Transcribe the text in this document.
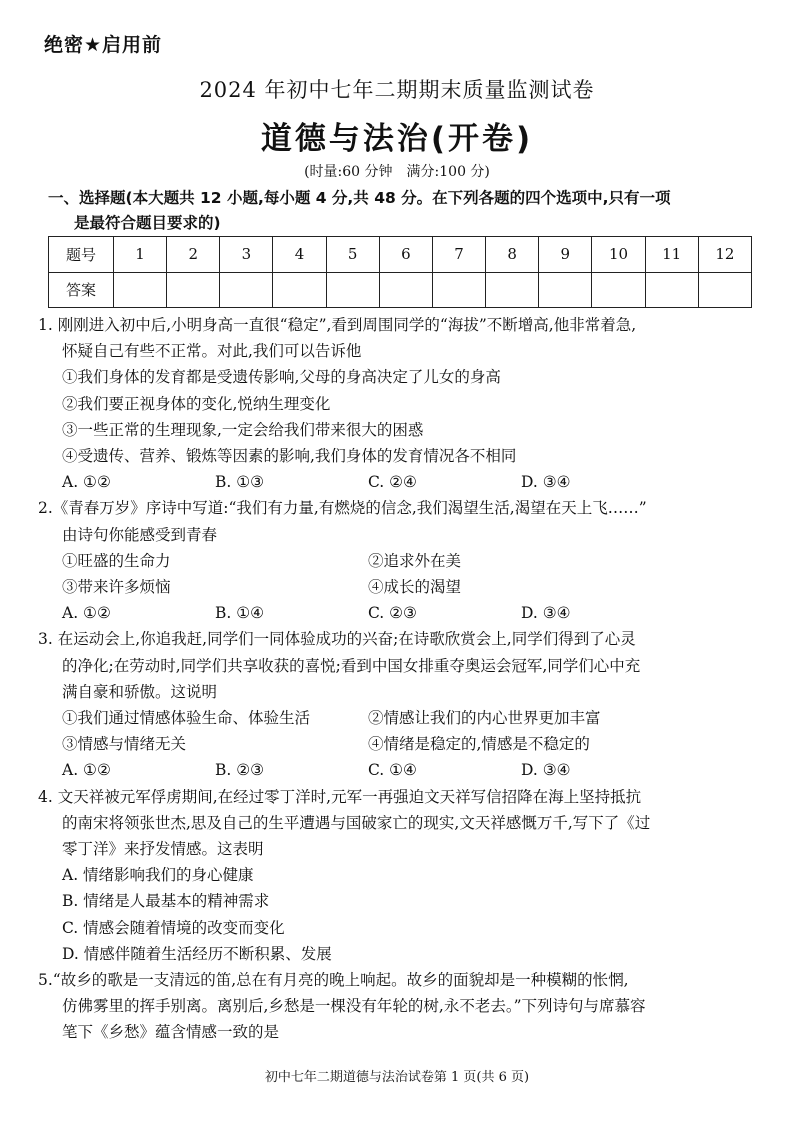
绝密★启用前
2024 年初中七年二期期末质量监测试卷
道德与法治(开卷)
(时量:60 分钟　满分:100 分)
一、选择题(本大题共 12 小题,每小题 4 分,共 48 分。在下列各题的四个选项中,只有一项
是最符合题目要求的)
题号	1	2	3	4	5	6	7	8	9	10	11	12
答案												
1. 刚刚进入初中后,小明身高一直很“稳定”,看到周围同学的“海拔”不断增高,他非常着急,
怀疑自己有些不正常。对此,我们可以告诉他
①我们身体的发育都是受遗传影响,父母的身高决定了儿女的身高
②我们要正视身体的变化,悦纳生理变化
③一些正常的生理现象,一定会给我们带来很大的困惑
④受遗传、营养、锻炼等因素的影响,我们身体的发育情况各不相同
A. ①②	B. ①③	C. ②④	D. ③④
2.《青春万岁》序诗中写道:“我们有力量,有燃烧的信念,我们渴望生活,渴望在天上飞……”
由诗句你能感受到青春
①旺盛的生命力	②追求外在美
③带来许多烦恼	④成长的渴望
A. ①②	B. ①④	C. ②③	D. ③④
3. 在运动会上,你追我赶,同学们一同体验成功的兴奋;在诗歌欣赏会上,同学们得到了心灵
的净化;在劳动时,同学们共享收获的喜悦;看到中国女排重夺奥运会冠军,同学们心中充
满自豪和骄傲。这说明
①我们通过情感体验生命、体验生活	②情感让我们的内心世界更加丰富
③情感与情绪无关	④情绪是稳定的,情感是不稳定的
A. ①②	B. ②③	C. ①④	D. ③④
4. 文天祥被元军俘虏期间,在经过零丁洋时,元军一再强迫文天祥写信招降在海上坚持抵抗
的南宋将领张世杰,思及自己的生平遭遇与国破家亡的现实,文天祥感慨万千,写下了《过
零丁洋》来抒发情感。这表明
A. 情绪影响我们的身心健康
B. 情绪是人最基本的精神需求
C. 情感会随着情境的改变而变化
D. 情感伴随着生活经历不断积累、发展
5.“故乡的歌是一支清远的笛,总在有月亮的晚上响起。故乡的面貌却是一种模糊的怅惘,
仿佛雾里的挥手别离。离别后,乡愁是一棵没有年轮的树,永不老去。”下列诗句与席慕容
笔下《乡愁》蕴含情感一致的是
初中七年二期道德与法治试卷第 1 页(共 6 页)
